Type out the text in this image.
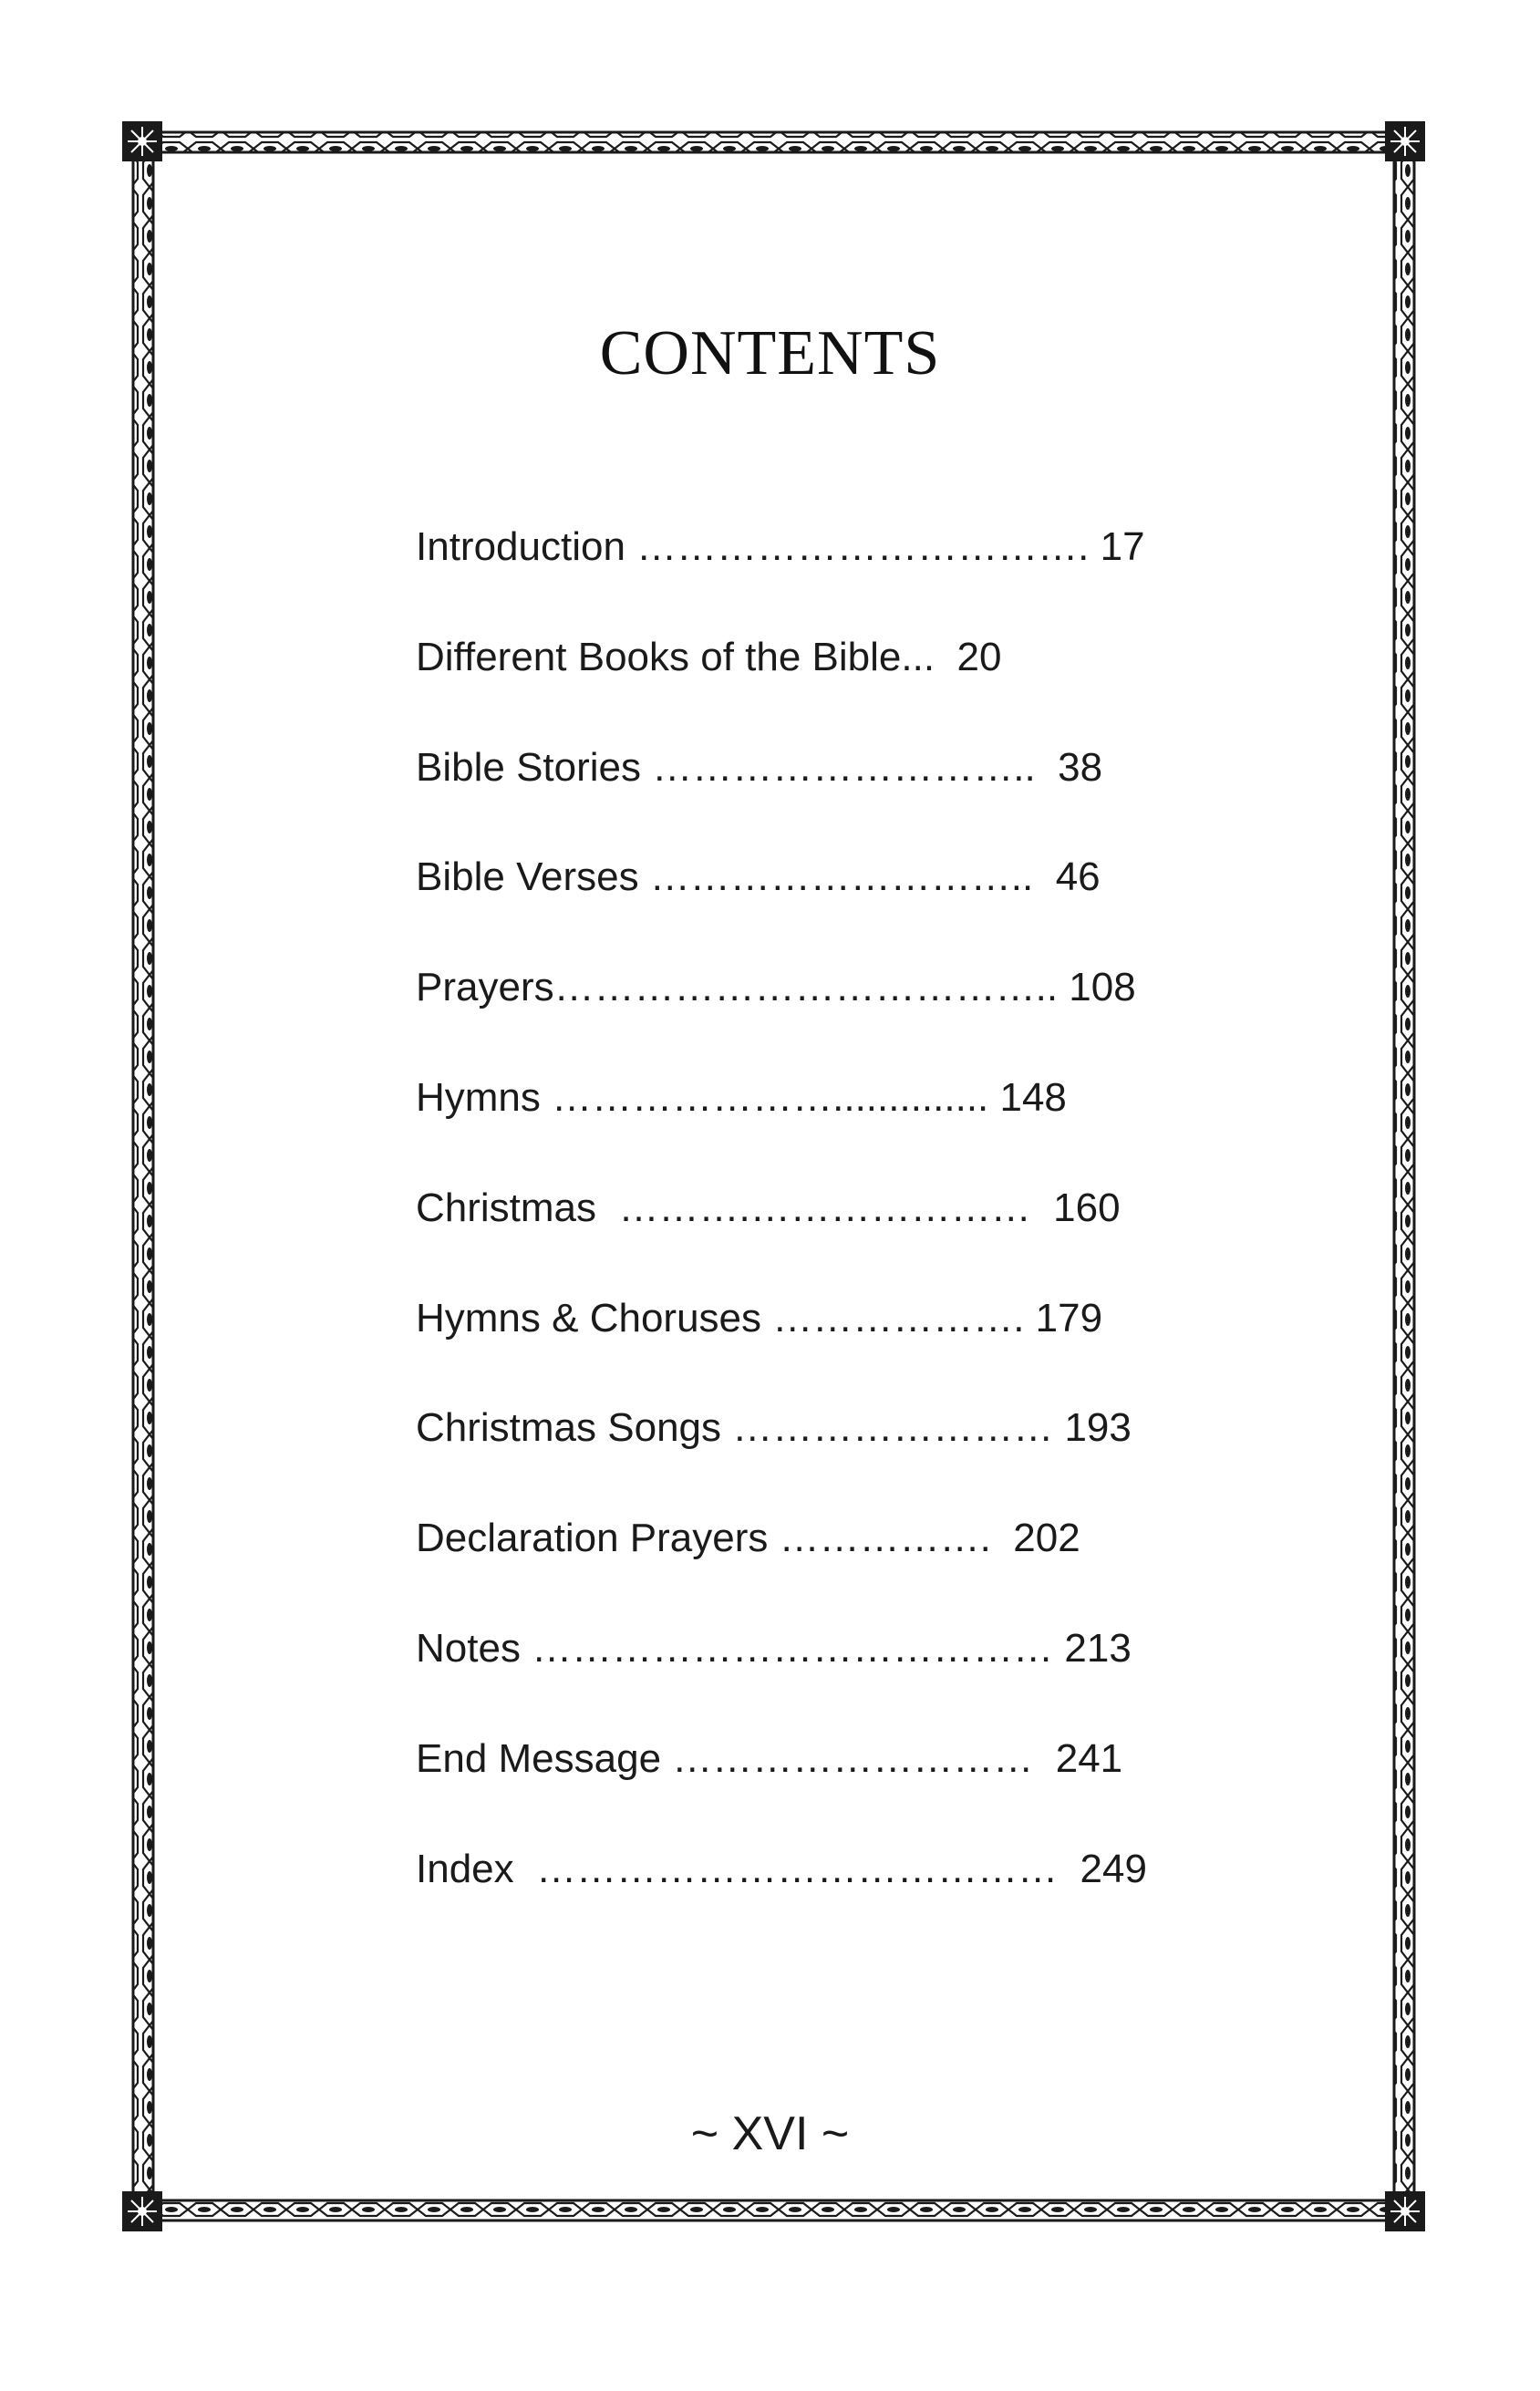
CONTENTS
Introduction ……………………………. 17
Different Books of the Bible...  20
Bible Stories ………………………..  38
Bible Verses ………………………..  46
Prayers……………………………….. 108
Hymns ………………….............. 148
Christmas  ……….…………………  160
Hymns & Choruses ………………. 179
Christmas Songs …………………… 193
Declaration Prayers …………….  202
Notes ………………………………… 213
End Message ………………………  241
Index  …………………………………  249
~ XVI ~
